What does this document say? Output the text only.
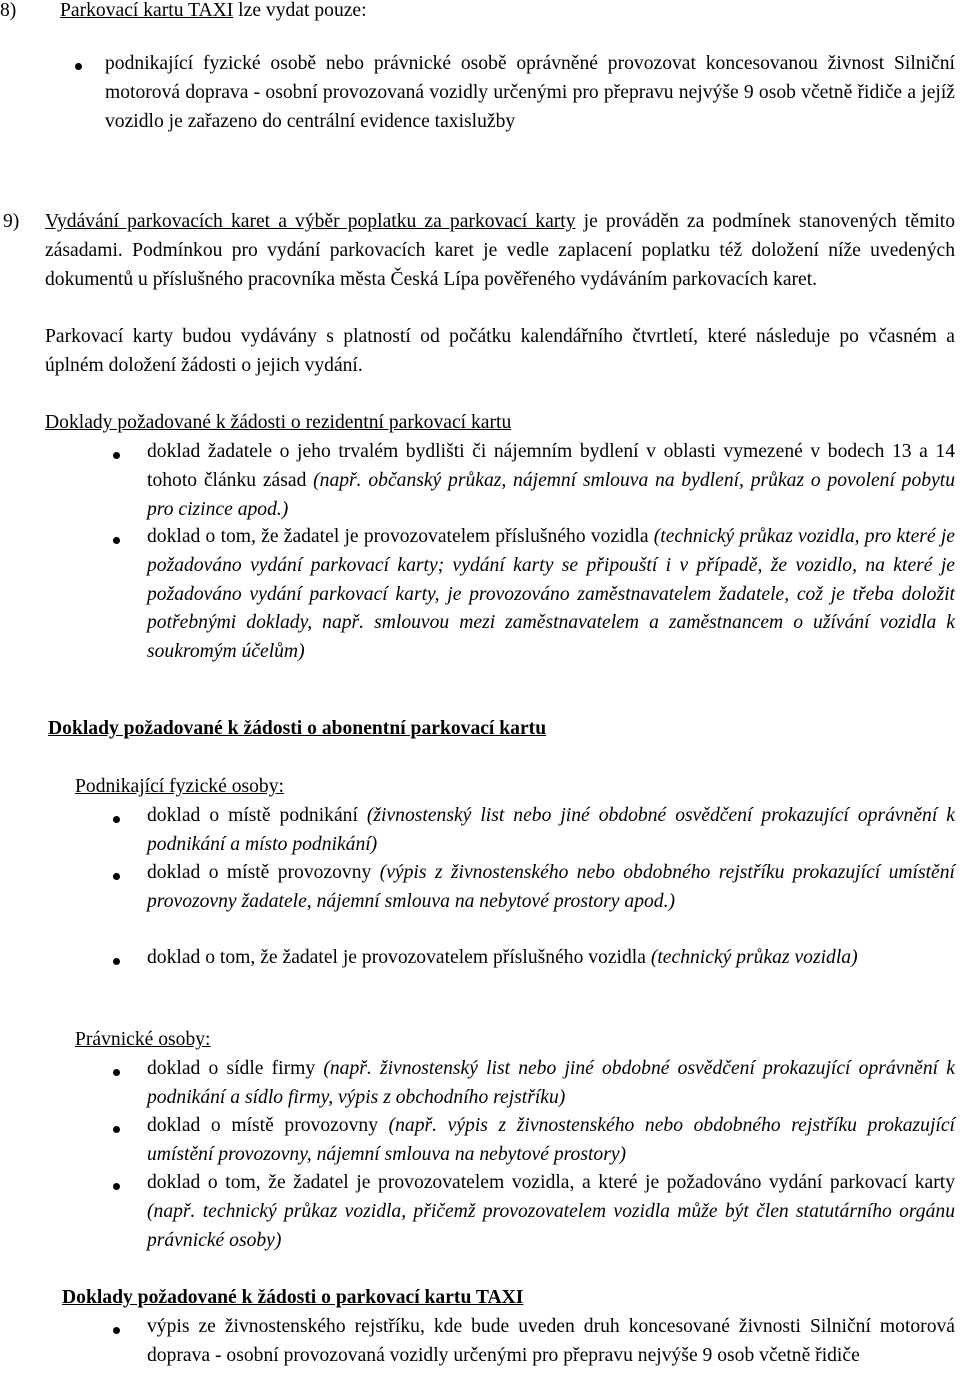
8) Parkovací kartu TAXI lze vydat pouze:
podnikající fyzické osobě nebo právnické osobě oprávněné provozovat koncesovanou živnost Silniční motorová doprava - osobní provozovaná vozidly určenými pro přepravu nejvýše 9 osob včetně řidiče a jejíž vozidlo je zařazeno do centrální evidence taxislužby
9) Vydávání parkovacích karet a výběr poplatku za parkovací karty je prováděn za podmínek stanovených těmito zásadami. Podmínkou pro vydání parkovacích karet je vedle zaplacení poplatku též doložení níže uvedených dokumentů u příslušného pracovníka města Česká Lípa pověřeného vydáváním parkovacích karet.
Parkovací karty budou vydávány s platností od počátku kalendářního čtvrtletí, které následuje po včasném a úplném doložení žádosti o jejich vydání.
Doklady požadované k žádosti o rezidentní parkovací kartu
doklad žadatele o jeho trvalém bydlišti či nájemním bydlení v oblasti vymezené v bodech 13 a 14 tohoto článku zásad (např. občanský průkaz, nájemní smlouva na bydlení, průkaz o povolení pobytu pro cizince apod.)
doklad o tom, že žadatel je provozovatelem příslušného vozidla (technický průkaz vozidla, pro které je požadováno vydání parkovací karty; vydání karty se připouští i v případě, že vozidlo, na které je požadováno vydání parkovací karty, je provozováno zaměstnavatelem žadatele, což je třeba doložit potřebnými doklady, např. smlouvou mezi zaměstnavatelem a zaměstnancem o užívání vozidla k soukromým účelům)
Doklady požadované k žádosti o abonentní parkovací kartu
Podnikající fyzické osoby:
doklad o místě podnikání (živnostenský list nebo jiné obdobné osvědčení prokazující oprávnění k podnikání a místo podnikání)
doklad o místě provozovny (výpis z živnostenského nebo obdobného rejstříku prokazující umístění provozovny žadatele, nájemní smlouva na nebytové prostory apod.)
doklad o tom, že žadatel je provozovatelem příslušného vozidla (technický průkaz vozidla)
Právnické osoby:
doklad o sídle firmy (např. živnostenský list nebo jiné obdobné osvědčení prokazující oprávnění k podnikání a sídlo firmy, výpis z obchodního rejstříku)
doklad o místě provozovny (např. výpis z živnostenského nebo obdobného rejstříku prokazující umístění provozovny, nájemní smlouva na nebytové prostory)
doklad o tom, že žadatel je provozovatelem vozidla, a které je požadováno vydání parkovací karty (např. technický průkaz vozidla, přičemž provozovatelem vozidla může být člen statutárního orgánu právnické osoby)
Doklady požadované k žádosti o parkovací kartu TAXI
výpis ze živnostenského rejstříku, kde bude uveden druh koncesované živnosti Silniční motorová doprava - osobní provozovaná vozidly určenými pro přepravu nejvýše 9 osob včetně řidiče
